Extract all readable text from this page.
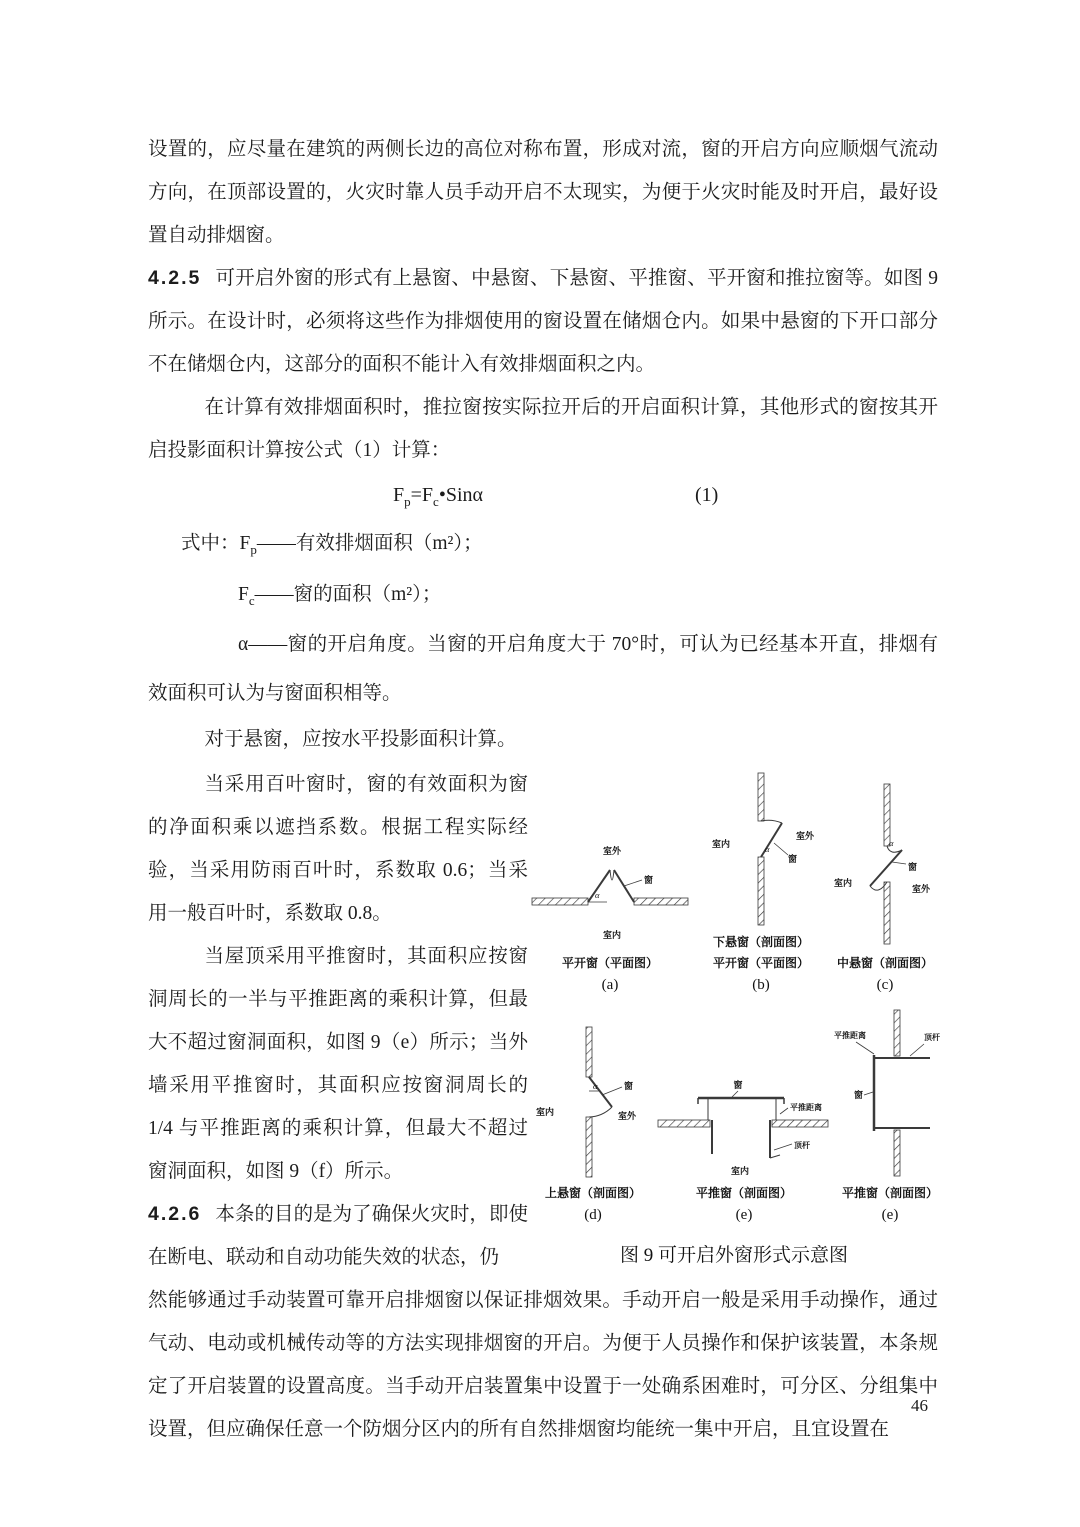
设置的，应尽量在建筑的两侧长边的高位对称布置，形成对流，窗的开启方向应顺烟气流动方向，在顶部设置的，火灾时靠人员手动开启不太现实，为便于火灾时能及时开启，最好设置自动排烟窗。

4.2.5 可开启外窗的形式有上悬窗、中悬窗、下悬窗、平推窗、平开窗和推拉窗等。如图 9 所示。在设计时，必须将这些作为排烟使用的窗设置在储烟仓内。如果中悬窗的下开口部分不在储烟仓内，这部分的面积不能计入有效排烟面积之内。

在计算有效排烟面积时，推拉窗按实际拉开后的开启面积计算，其他形式的窗按其开启投影面积计算按公式（1）计算：

$F_p=F_c•Sin\alpha$	(1)

式中：$F_p——$有效排烟面积（m²）；

$F_c——$窗的面积（m²）；

α——窗的开启角度。当窗的开启角度大于 70°时，可认为已经基本开直，排烟有效面积可认为与窗面积相等。

对于悬窗，应按水平投影面积计算。

当采用百叶窗时，窗的有效面积为窗的净面积乘以遮挡系数。根据工程实际经验，当采用防雨百叶时，系数取 0.6；当采用一般百叶时，系数取 0.8。

当屋顶采用平推窗时，其面积应按窗洞周长的一半与平推距离的乘积计算，但最大不超过窗洞面积，如图 9（e）所示；当外墙采用平推窗时，其面积应按窗洞周长的 1/4 与平推距离的乘积计算，但最大不超过窗洞面积，如图 9（f）所示。

4.2.6 本条的目的是为了确保火灾时，即使在断电、联动和自动功能失效的状态，仍

室外
α
窗
室内
平开窗（平面图）
(a)
α
窗
室内
室外
下悬窗（剖面图）
平开窗（平面图）
(b)
α
窗
室内
室外
中悬窗（剖面图）
(c)
α	窗
室内	室外
上悬窗（剖面图）
(d)
窗
平推距离
顶杆
室内
平推窗（剖面图）
(e)
平推距离	顶杆
窗
平推窗（剖面图）
(e)
图 9 可开启外窗形式示意图

然能够通过手动装置可靠开启排烟窗以保证排烟效果。手动开启一般是采用手动操作，通过气动、电动或机械传动等的方法实现排烟窗的开启。为便于人员操作和保护该装置，本条规定了开启装置的设置高度。当手动开启装置集中设置于一处确系困难时，可分区、分组集中设置，但应确保任意一个防烟分区内的所有自然排烟窗均能统一集中开启，且宜设置在

46
